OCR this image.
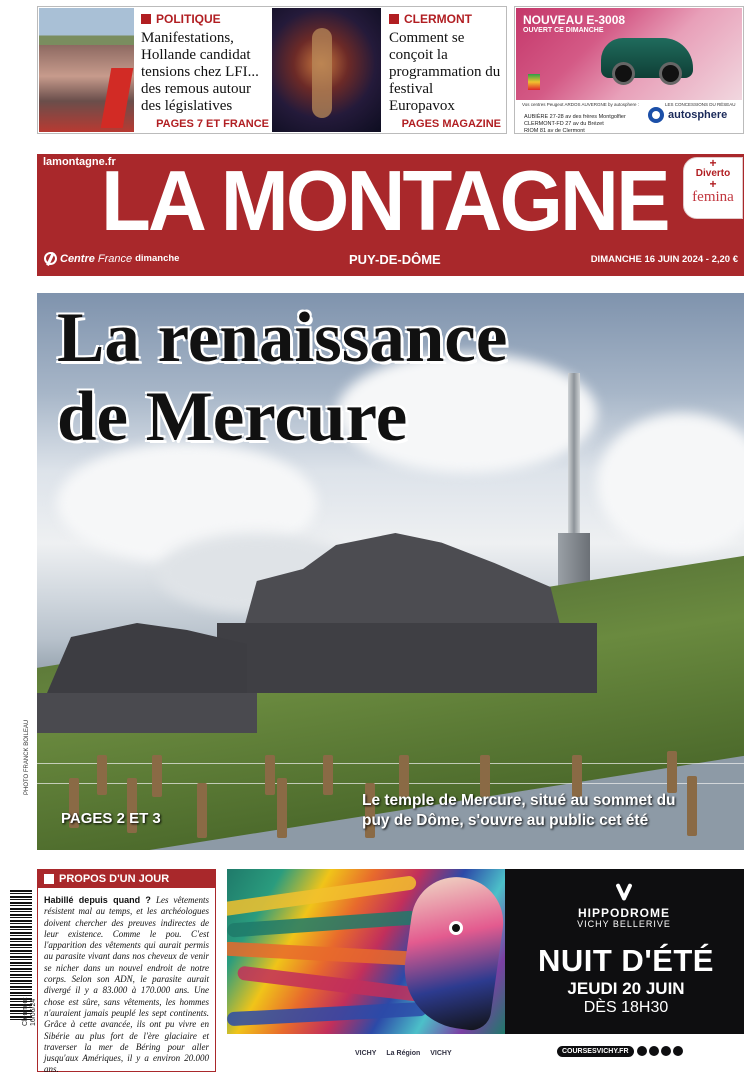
POLITIQUE
Manifestations, Hollande candidat tensions chez LFI... des remous autour des législatives
PAGES 7 ET FRANCE
CLERMONT
Comment se conçoit la programmation du festival Europavox
PAGES MAGAZINE
NOUVEAU E-3008
OUVERT CE DIMANCHE
Vos centres Peugeot ARDOS AUVERGNE by autosphere :	LES CONCESSIONS DU RÉSEAU
AUBIÈRE 27-28 av des frères Montgolfier
CLERMONT-FD 27 av du Brézet
RIOM 81 av de Clermont
autosphere
lamontagne.fr
LA MONTAGNE
Centre France dimanche	PUY-DE-DÔME	DIMANCHE 16 JUIN 2024 - 2,20 €
+
Diverto
+
femina
La renaissance
de Mercure
Le temple de Mercure, situé au sommet du puy de Dôme, s'ouvre au public cet été
PAGES 2 ET 3
PHOTO FRANCK BOILEAU
Clermont 16/06/24
PROPOS D'UN JOUR
Habillé depuis quand ? Les vêtements résistent mal au temps, et les archéologues doivent chercher des preuves indirectes de leur existence. Comme le pou. C'est l'apparition des vêtements qui aurait permis au parasite vivant dans nos cheveux de venir se nicher dans un nouvel endroit de notre corps. Selon son ADN, le parasite aurait divergé il y a 83.000 à 170.000 ans. Une chose est sûre, sans vêtements, les hommes n'auraient jamais peuplé les sept continents. Grâce à cette avancée, ils ont pu vivre en Sibérie au plus fort de l'ère glaciaire et traverser la mer de Béring pour aller jusqu'aux Amériques, il y a environ 20.000 ans.
HIPPODROME
VICHY BELLERIVE
NUIT D'ÉTÉ
JEUDI 20 JUIN
DÈS 18H30
VICHY La Région VICHY	COURSESVICHY.FR
